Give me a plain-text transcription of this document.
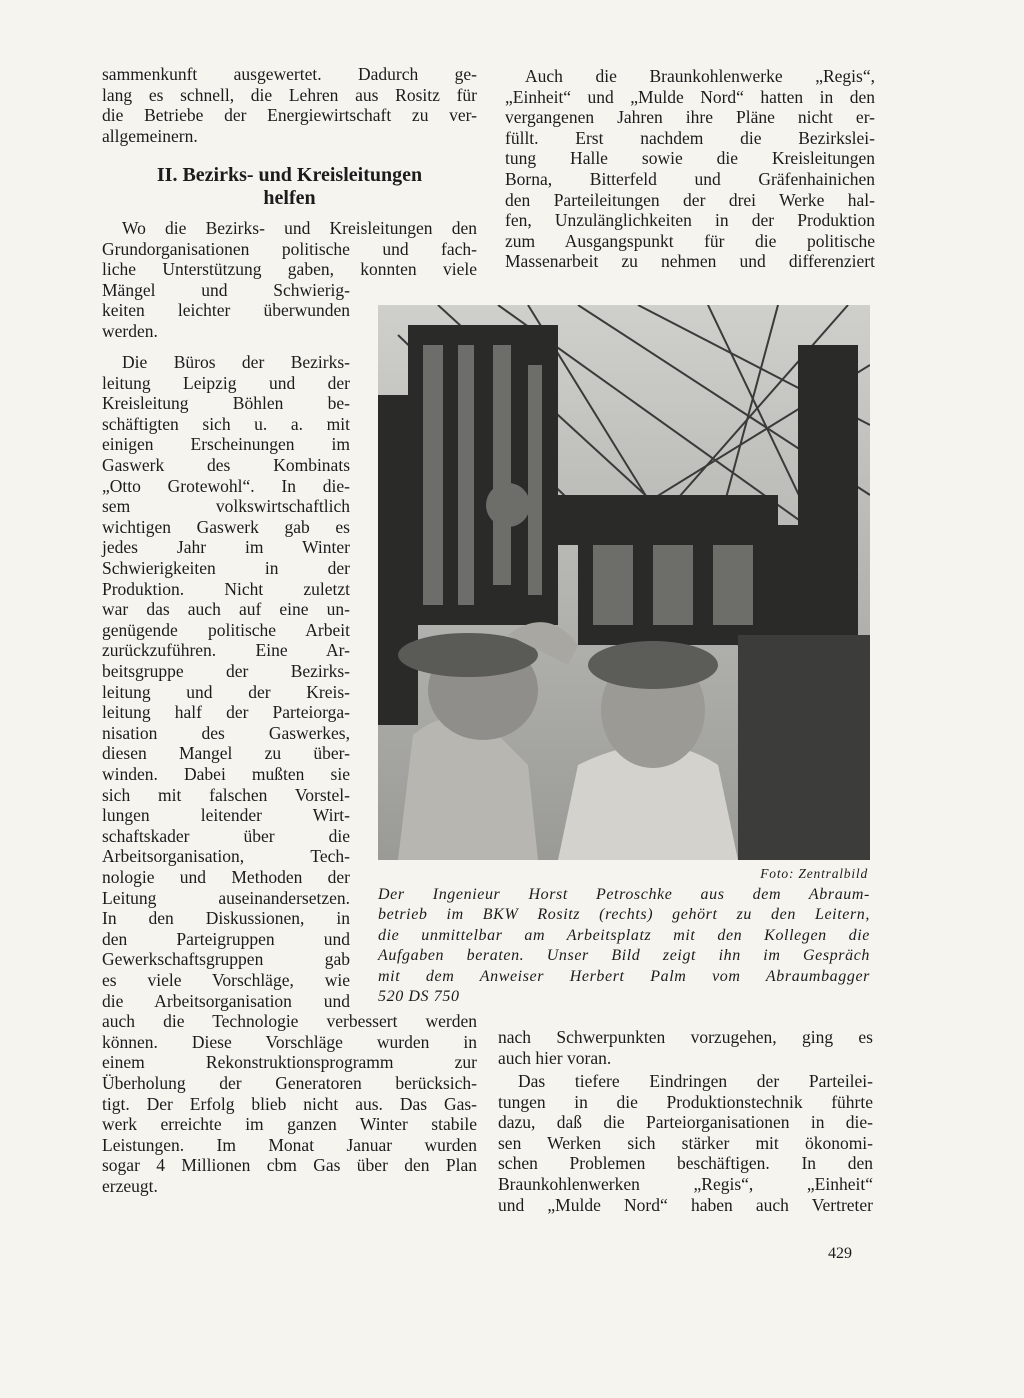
sammenkunft ausgewertet. Dadurch ge-
lang es schnell, die Lehren aus Rositz für
die Betriebe der Energiewirtschaft zu ver-
allgemeinern.
II. Bezirks- und Kreisleitungen
helfen
Wo die Bezirks- und Kreisleitungen den
Grundorganisationen politische und fach-
liche Unterstützung gaben, konnten viele
Mängel und Schwierig-
keiten leichter überwunden
werden.
Die Büros der Bezirks-
leitung Leipzig und der
Kreisleitung Böhlen be-
schäftigten sich u. a. mit
einigen Erscheinungen im
Gaswerk des Kombinats
„Otto Grotewohl“. In die-
sem volkswirtschaftlich
wichtigen Gaswerk gab es
jedes Jahr im Winter
Schwierigkeiten in der
Produktion. Nicht zuletzt
war das auch auf eine un-
genügende politische Arbeit
zurückzuführen. Eine Ar-
beitsgruppe der Bezirks-
leitung und der Kreis-
leitung half der Parteiorga-
nisation des Gaswerkes,
diesen Mangel zu über-
winden. Dabei mußten sie
sich mit falschen Vorstel-
lungen leitender Wirt-
schaftskader über die
Arbeitsorganisation, Tech-
nologie und Methoden der
Leitung auseinandersetzen.
In den Diskussionen, in
den Parteigruppen und
Gewerkschaftsgruppen gab
es viele Vorschläge, wie
die Arbeitsorganisation und
auch die Technologie verbessert werden
können. Diese Vorschläge wurden in
einem Rekonstruktionsprogramm zur
Überholung der Generatoren berücksich-
tigt. Der Erfolg blieb nicht aus. Das Gas-
werk erreichte im ganzen Winter stabile
Leistungen. Im Monat Januar wurden
sogar 4 Millionen cbm Gas über den Plan
erzeugt.
Auch die Braunkohlenwerke „Regis“,
„Einheit“ und „Mulde Nord“ hatten in den
vergangenen Jahren ihre Pläne nicht er-
füllt. Erst nachdem die Bezirkslei-
tung Halle sowie die Kreisleitungen
Borna, Bitterfeld und Gräfenhainichen
den Parteileitungen der drei Werke hal-
fen, Unzulänglichkeiten in der Produktion
zum Ausgangspunkt für die politische
Massenarbeit zu nehmen und differenziert
Foto: Zentralbild
Der Ingenieur Horst Petroschke aus dem Abraum-
betrieb im BKW Rositz (rechts) gehört zu den Leitern,
die unmittelbar am Arbeitsplatz mit den Kollegen die
Aufgaben beraten. Unser Bild zeigt ihn im Gespräch
mit dem Anweiser Herbert Palm vom Abraumbagger
520 DS 750
nach Schwerpunkten vorzugehen, ging es
auch hier voran.
Das tiefere Eindringen der Parteilei-
tungen in die Produktionstechnik führte
dazu, daß die Parteiorganisationen in die-
sen Werken sich stärker mit ökonomi-
schen Problemen beschäftigen. In den
Braunkohlenwerken „Regis“, „Einheit“
und „Mulde Nord“ haben auch Vertreter
429
